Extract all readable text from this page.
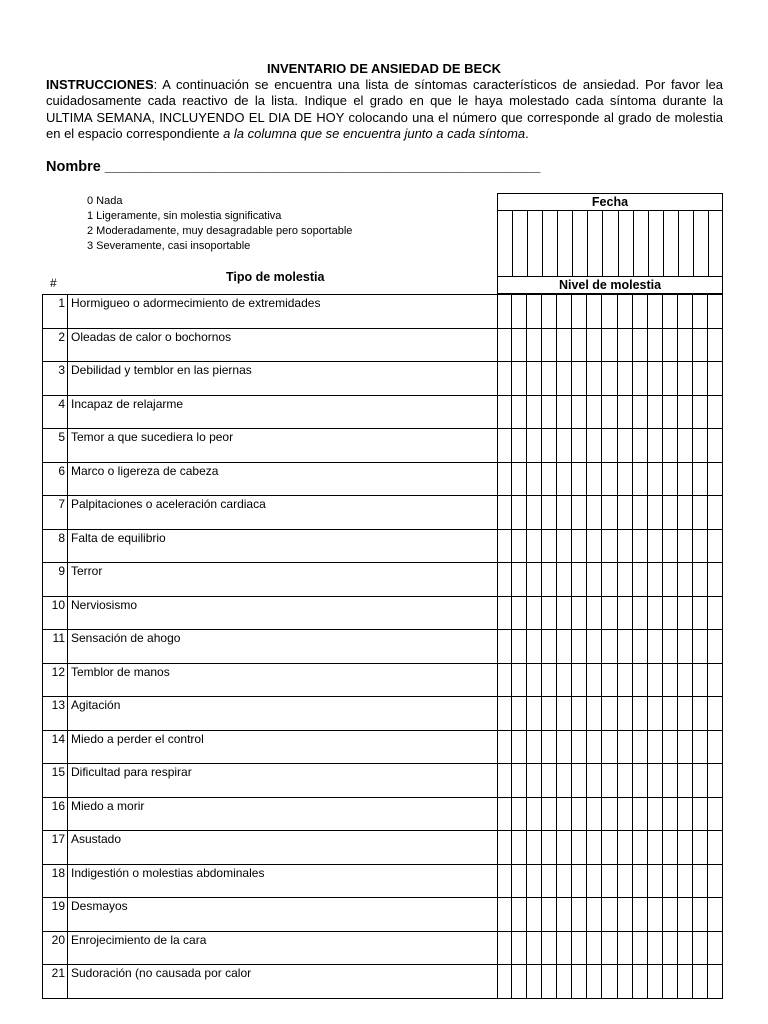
INVENTARIO DE ANSIEDAD DE BECK
INSTRUCCIONES: A continuación se encuentra una lista de síntomas característicos de ansiedad. Por favor lea cuidadosamente cada reactivo de la lista. Indique el grado en que le haya molestado cada síntoma durante la ULTIMA SEMANA, INCLUYENDO EL DIA DE HOY colocando una el número que corresponde al grado de molestia en el espacio correspondiente a la columna que se encuentra junto a cada síntoma.
Nombre ______________________________________________________
0 Nada
1 Ligeramente, sin molestia significativa
2 Moderadamente, muy desagradable pero soportable
3 Severamente, casi insoportable
#	Tipo de molestia
Fecha
Nivel de molestia
1 Hormigueo o adormecimiento de extremidades
2 Oleadas de calor o bochornos
3 Debilidad y temblor en las piernas
4 Incapaz de relajarme
5 Temor a que sucediera lo peor
6 Marco o ligereza de cabeza
7 Palpitaciones o aceleración cardiaca
8 Falta de equilibrio
9 Terror
10 Nerviosismo
11 Sensación de ahogo
12 Temblor de manos
13 Agitación
14 Miedo a perder el control
15 Dificultad para respirar
16 Miedo a morir
17 Asustado
18 Indigestión o molestias abdominales
19 Desmayos
20 Enrojecimiento de la cara
21 Sudoración (no causada por calor
